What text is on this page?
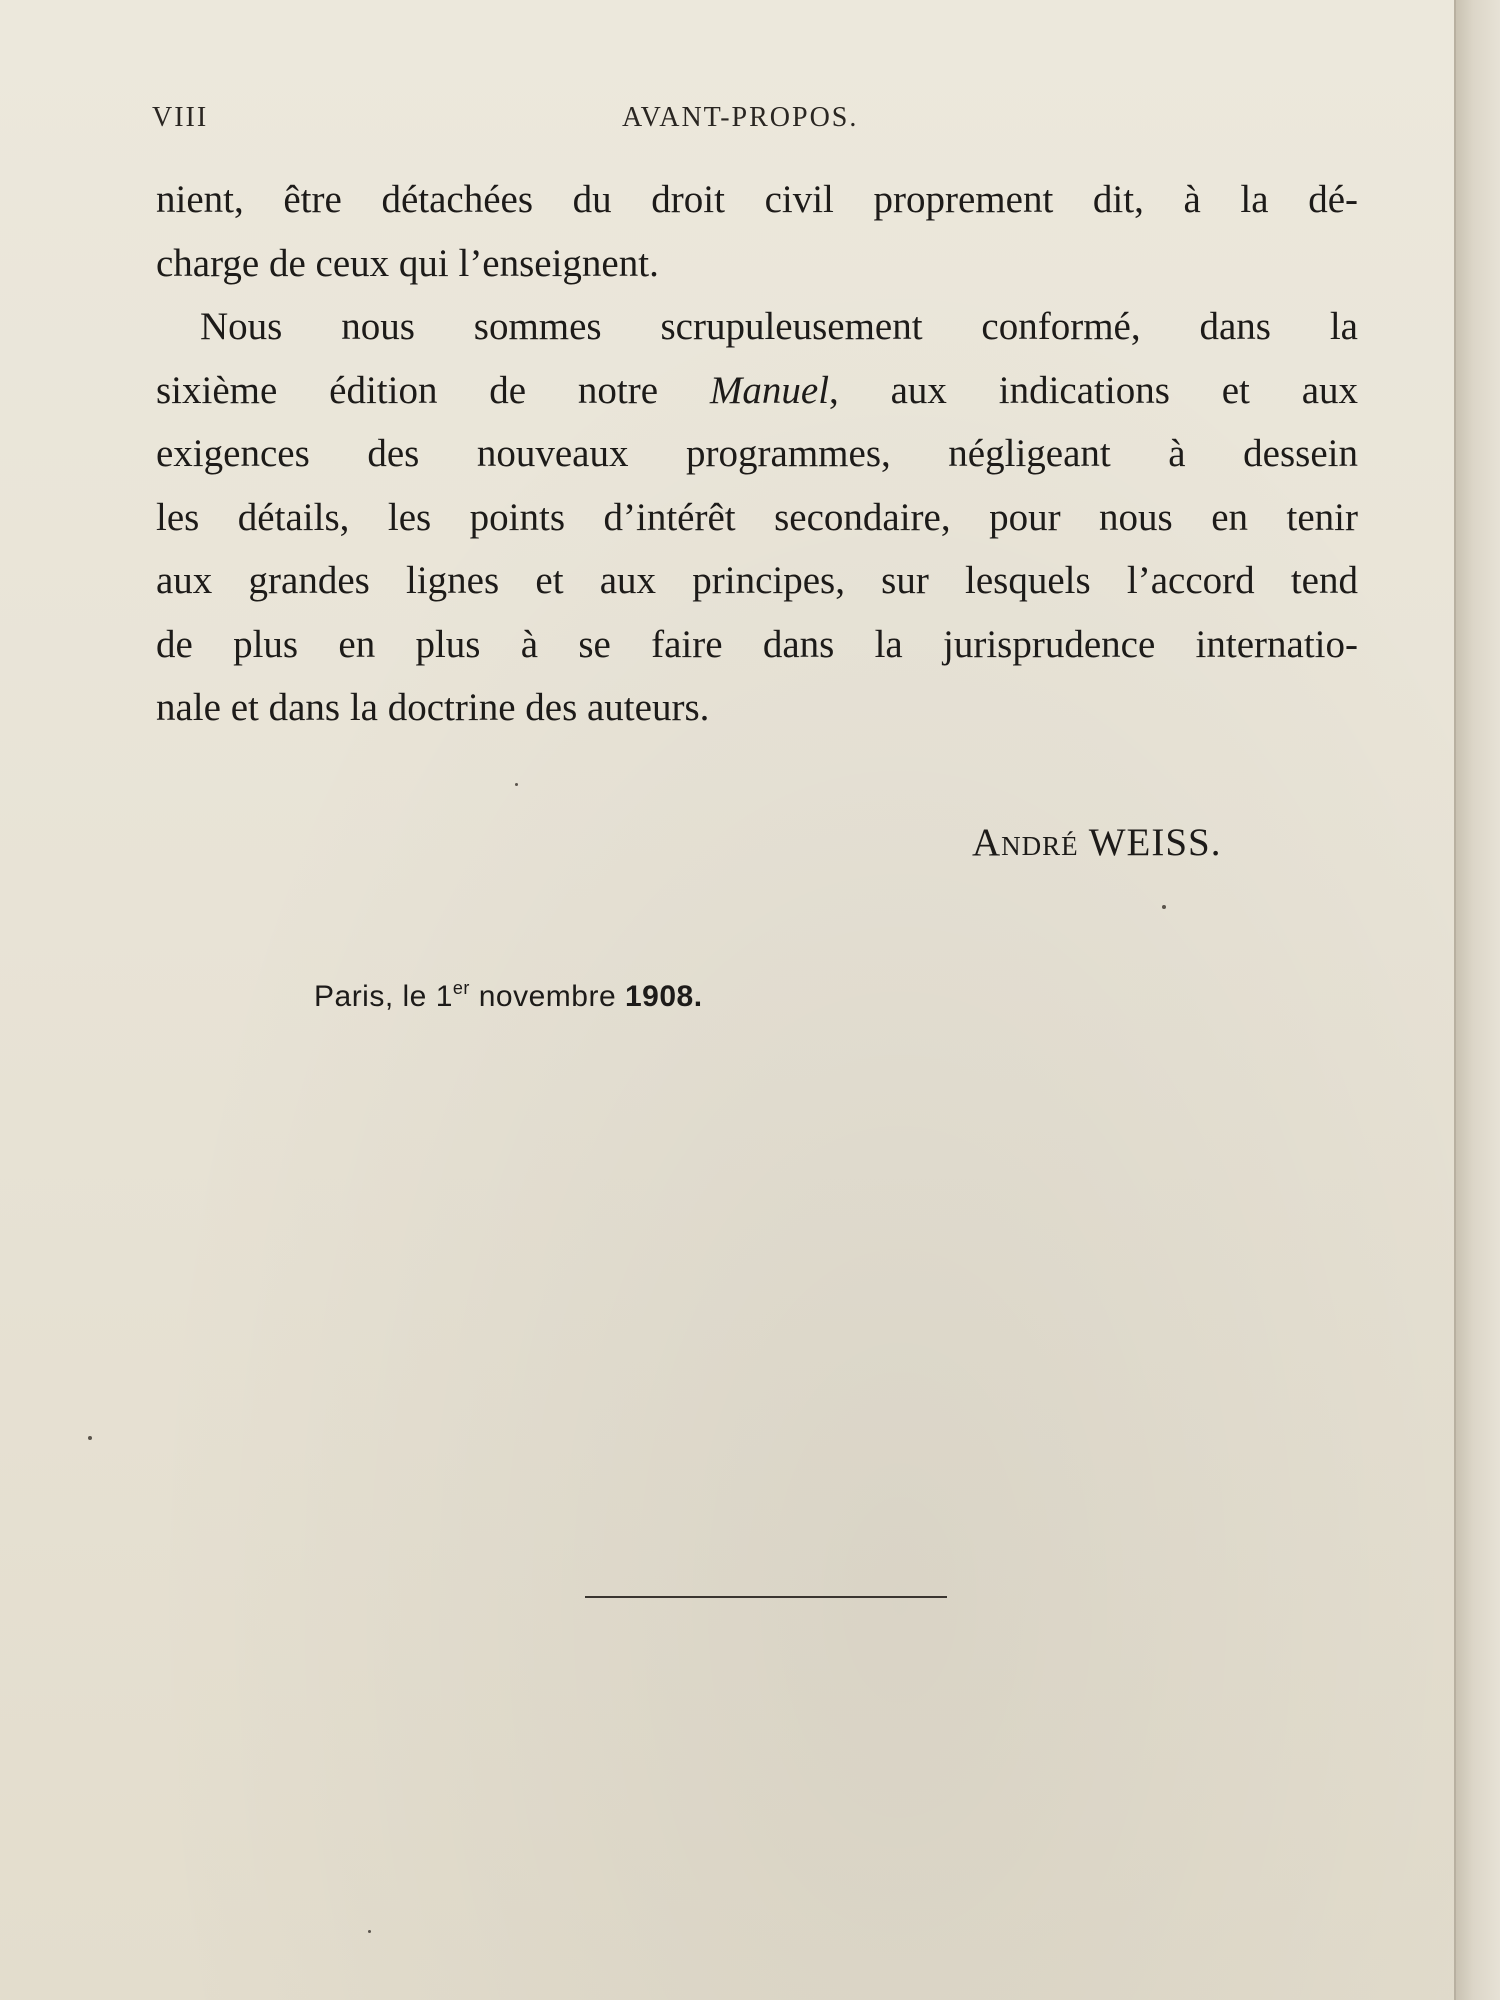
VIII	AVANT-PROPOS.
nient, être détachées du droit civil proprement dit, à la dé-
charge de ceux qui l’enseignent.
Nous nous sommes scrupuleusement conformé, dans la
sixième édition de notre Manuel, aux indications et aux
exigences des nouveaux programmes, négligeant à dessein
les détails, les points d’intérêt secondaire, pour nous en tenir
aux grandes lignes et aux principes, sur lesquels l’accord tend
de plus en plus à se faire dans la jurisprudence internatio-
nale et dans la doctrine des auteurs.
André WEISS.
Paris, le 1er novembre 1908.
